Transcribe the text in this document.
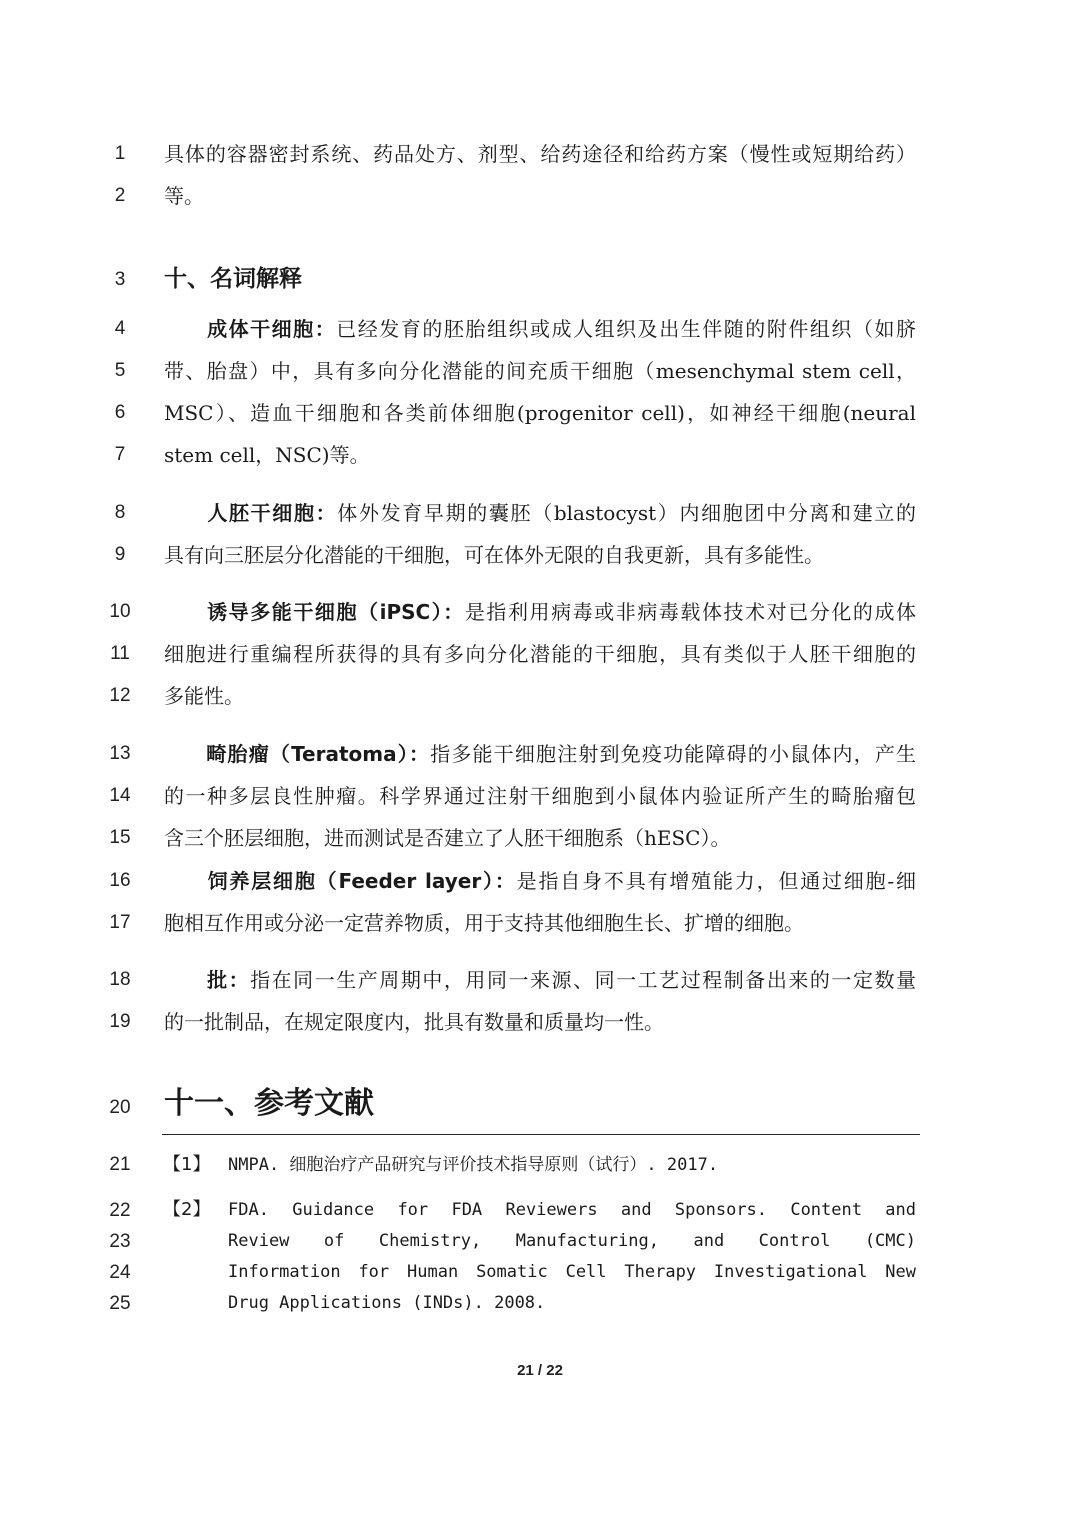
1
2
3
4
5
6
7
8
9
10
11
12
13
14
15
16
17
18
19
20
21
22
23
24
25
具体的容器密封系统、药品处方、剂型、给药途径和给药方案（慢性或短期给药）
等。
十、名词解释
　　成体干细胞：已经发育的胚胎组织或成人组织及出生伴随的附件组织（如脐
带、胎盘）中，具有多向分化潜能的间充质干细胞（mesenchymal stem cell，
MSC）、造血干细胞和各类前体细胞(progenitor cell)，如神经干细胞(neural
stem cell，NSC)等。
　　人胚干细胞：体外发育早期的囊胚（blastocyst）内细胞团中分离和建立的
具有向三胚层分化潜能的干细胞，可在体外无限的自我更新，具有多能性。
　　诱导多能干细胞（iPSC）：是指利用病毒或非病毒载体技术对已分化的成体
细胞进行重编程所获得的具有多向分化潜能的干细胞，具有类似于人胚干细胞的
多能性。
　　畸胎瘤（Teratoma）：指多能干细胞注射到免疫功能障碍的小鼠体内，产生
的一种多层良性肿瘤。科学界通过注射干细胞到小鼠体内验证所产生的畸胎瘤包
含三个胚层细胞，进而测试是否建立了人胚干细胞系（hESC）。
　　饲养层细胞（Feeder layer）：是指自身不具有增殖能力，但通过细胞-细
胞相互作用或分泌一定营养物质，用于支持其他细胞生长、扩增的细胞。
　　批：指在同一生产周期中，用同一来源、同一工艺过程制备出来的一定数量
的一批制品，在规定限度内，批具有数量和质量均一性。
十一、参考文献
【1】 NMPA. 细胞治疗产品研究与评价技术指导原则（试行）. 2017.
【2】 FDA. Guidance for FDA Reviewers and Sponsors. Content and
Review of Chemistry, Manufacturing, and Control (CMC)
Information for Human Somatic Cell Therapy Investigational New
Drug Applications (INDs). 2008.
21 / 22
